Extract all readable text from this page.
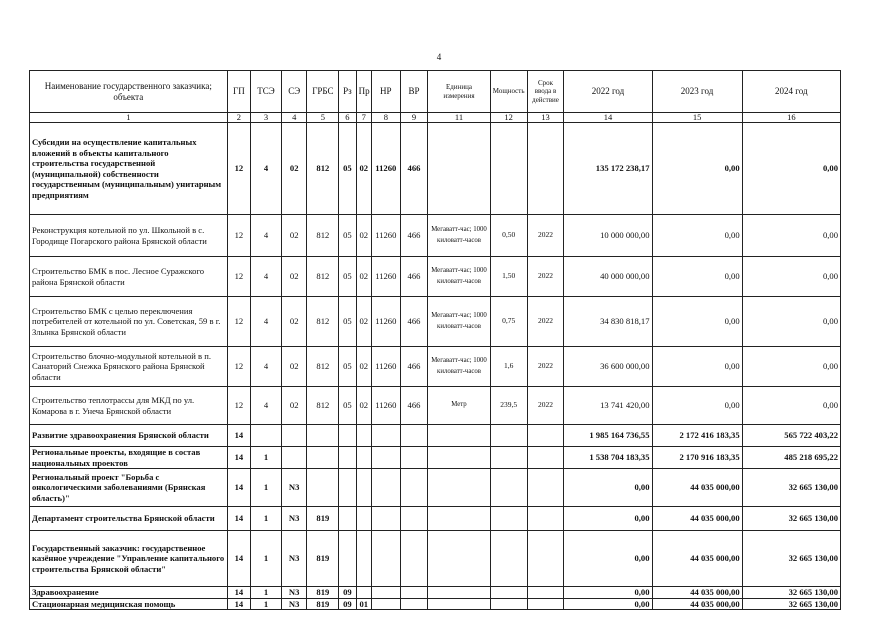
4
Наименование государственного заказчика; объекта	ГП	ТСЭ	СЭ	ГРБС	Рз	Пр	НР	ВР	Единица измерения	Мощность	Срок ввода в действие	2022 год	2023 год	2024 год
1	2	3	4	5	6	7	8	9	11	12	13	14	15	16
Субсидии на осуществление капитальных вложений в объекты капитального строительства государственной (муниципальной) собственности государственным (муниципальным) унитарным предприятиям	12	4	02	812	05	02	11260	466				135 172 238,17	0,00	0,00
Реконструкция котельной по ул. Школьной в с. Городище Погарского района Брянской области	12	4	02	812	05	02	11260	466	Мегаватт-час; 1000 киловатт-часов	0,50	2022	10 000 000,00	0,00	0,00
Строительство БМК в пос. Лесное Суражского района Брянской области	12	4	02	812	05	02	11260	466	Мегаватт-час; 1000 киловатт-часов	1,50	2022	40 000 000,00	0,00	0,00
Строительство БМК с целью переключения потребителей от котельной по ул. Советская, 59 в г. Злынка Брянской области	12	4	02	812	05	02	11260	466	Мегаватт-час; 1000 киловатт-часов	0,75	2022	34 830 818,17	0,00	0,00
Строительство блочно-модульной котельной в п. Санаторий Снежка Брянского района Брянской области	12	4	02	812	05	02	11260	466	Мегаватт-час; 1000 киловатт-часов	1,6	2022	36 600 000,00	0,00	0,00
Строительство теплотрассы для МКД по ул. Комарова в г. Унеча Брянской области	12	4	02	812	05	02	11260	466	Метр	239,5	2022	13 741 420,00	0,00	0,00
Развитие здравоохранения Брянской области	14											1 985 164 736,55	2 172 416 183,35	565 722 403,22
Региональные проекты, входящие в состав национальных проектов	14	1										1 538 704 183,35	2 170 916 183,35	485 218 695,22
Региональный проект "Борьба с онкологическими заболеваниями (Брянская область)"	14	1	N3									0,00	44 035 000,00	32 665 130,00
Департамент строительства Брянской области	14	1	N3	819								0,00	44 035 000,00	32 665 130,00
Государственный заказчик: государственное казённое учреждение "Управление капитального строительства Брянской области"	14	1	N3	819								0,00	44 035 000,00	32 665 130,00
Здравоохранение	14	1	N3	819	09							0,00	44 035 000,00	32 665 130,00
Стационарная медицинская помощь	14	1	N3	819	09	01						0,00	44 035 000,00	32 665 130,00
